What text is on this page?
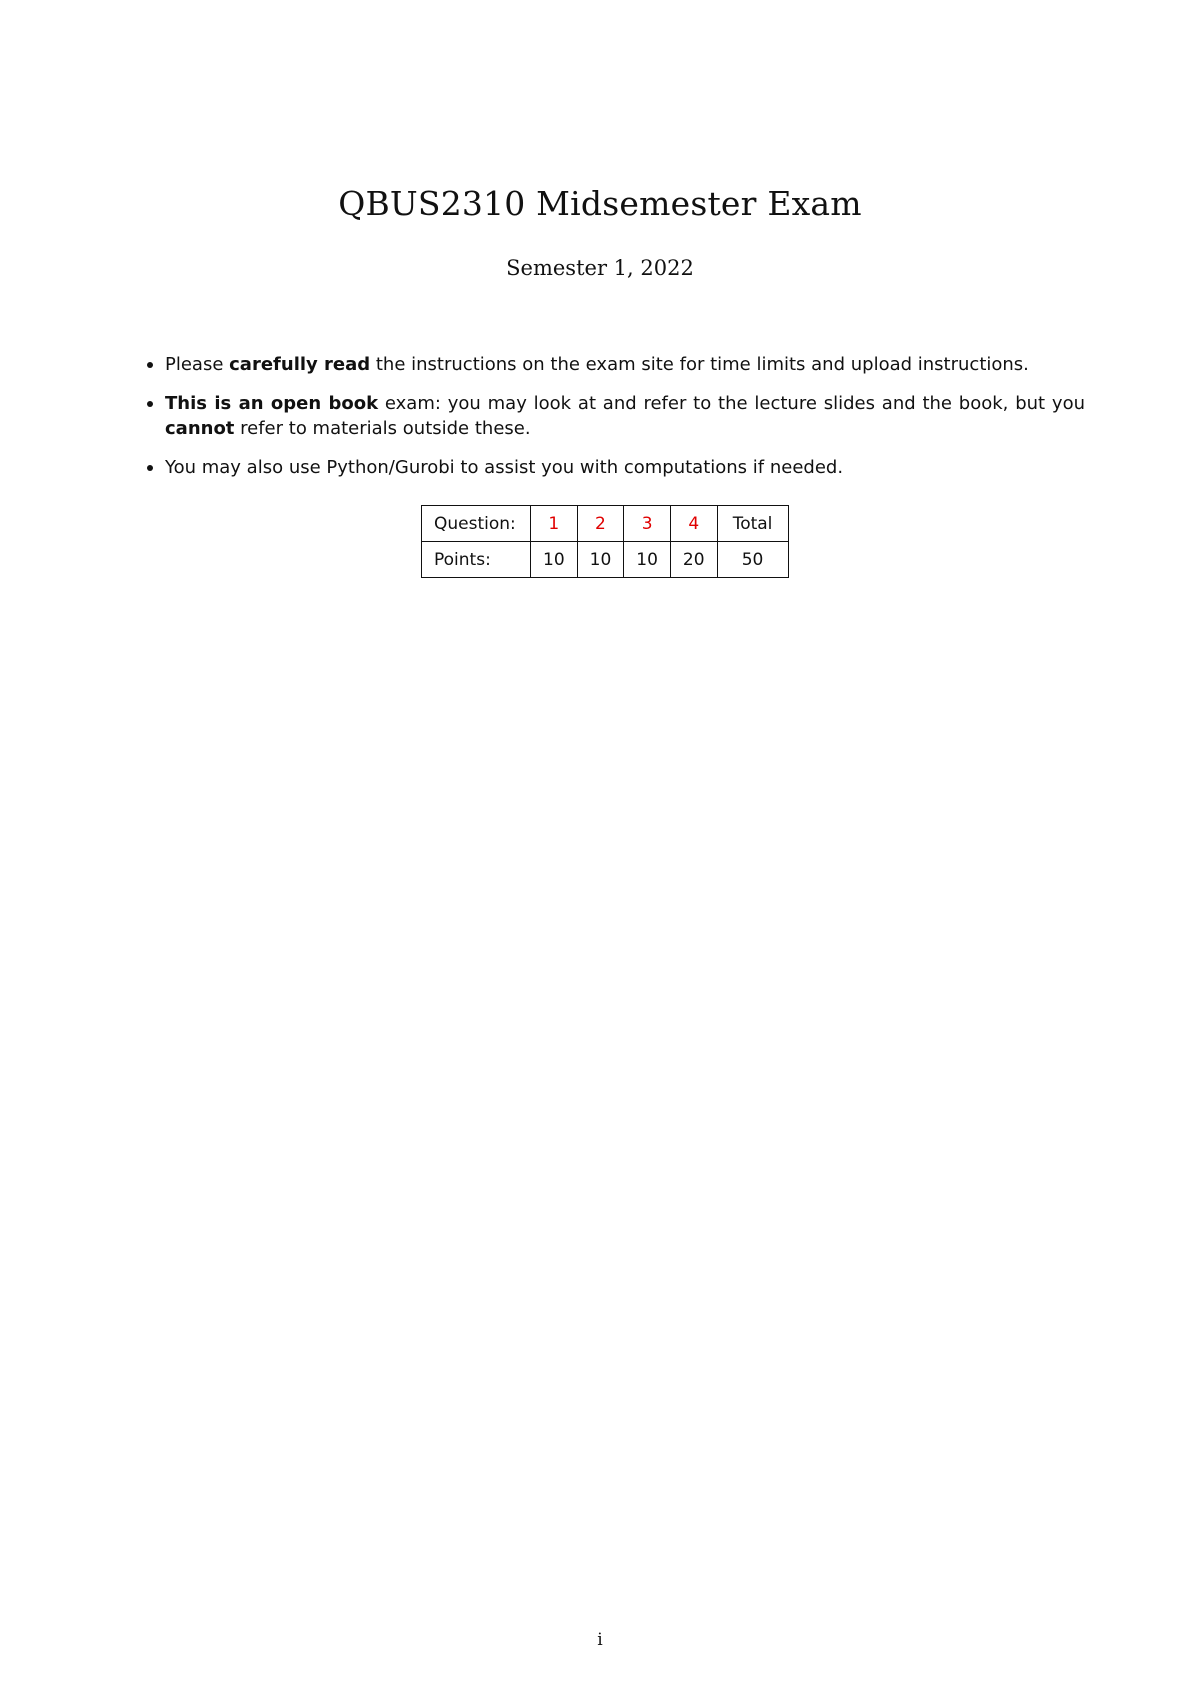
QBUS2310 Midsemester Exam
Semester 1, 2022
Please carefully read the instructions on the exam site for time limits and upload instructions.
This is an open book exam: you may look at and refer to the lecture slides and the book, but you cannot refer to materials outside these.
You may also use Python/Gurobi to assist you with computations if needed.
Question:	1	2	3	4	Total
Points:	10	10	10	20	50
i
